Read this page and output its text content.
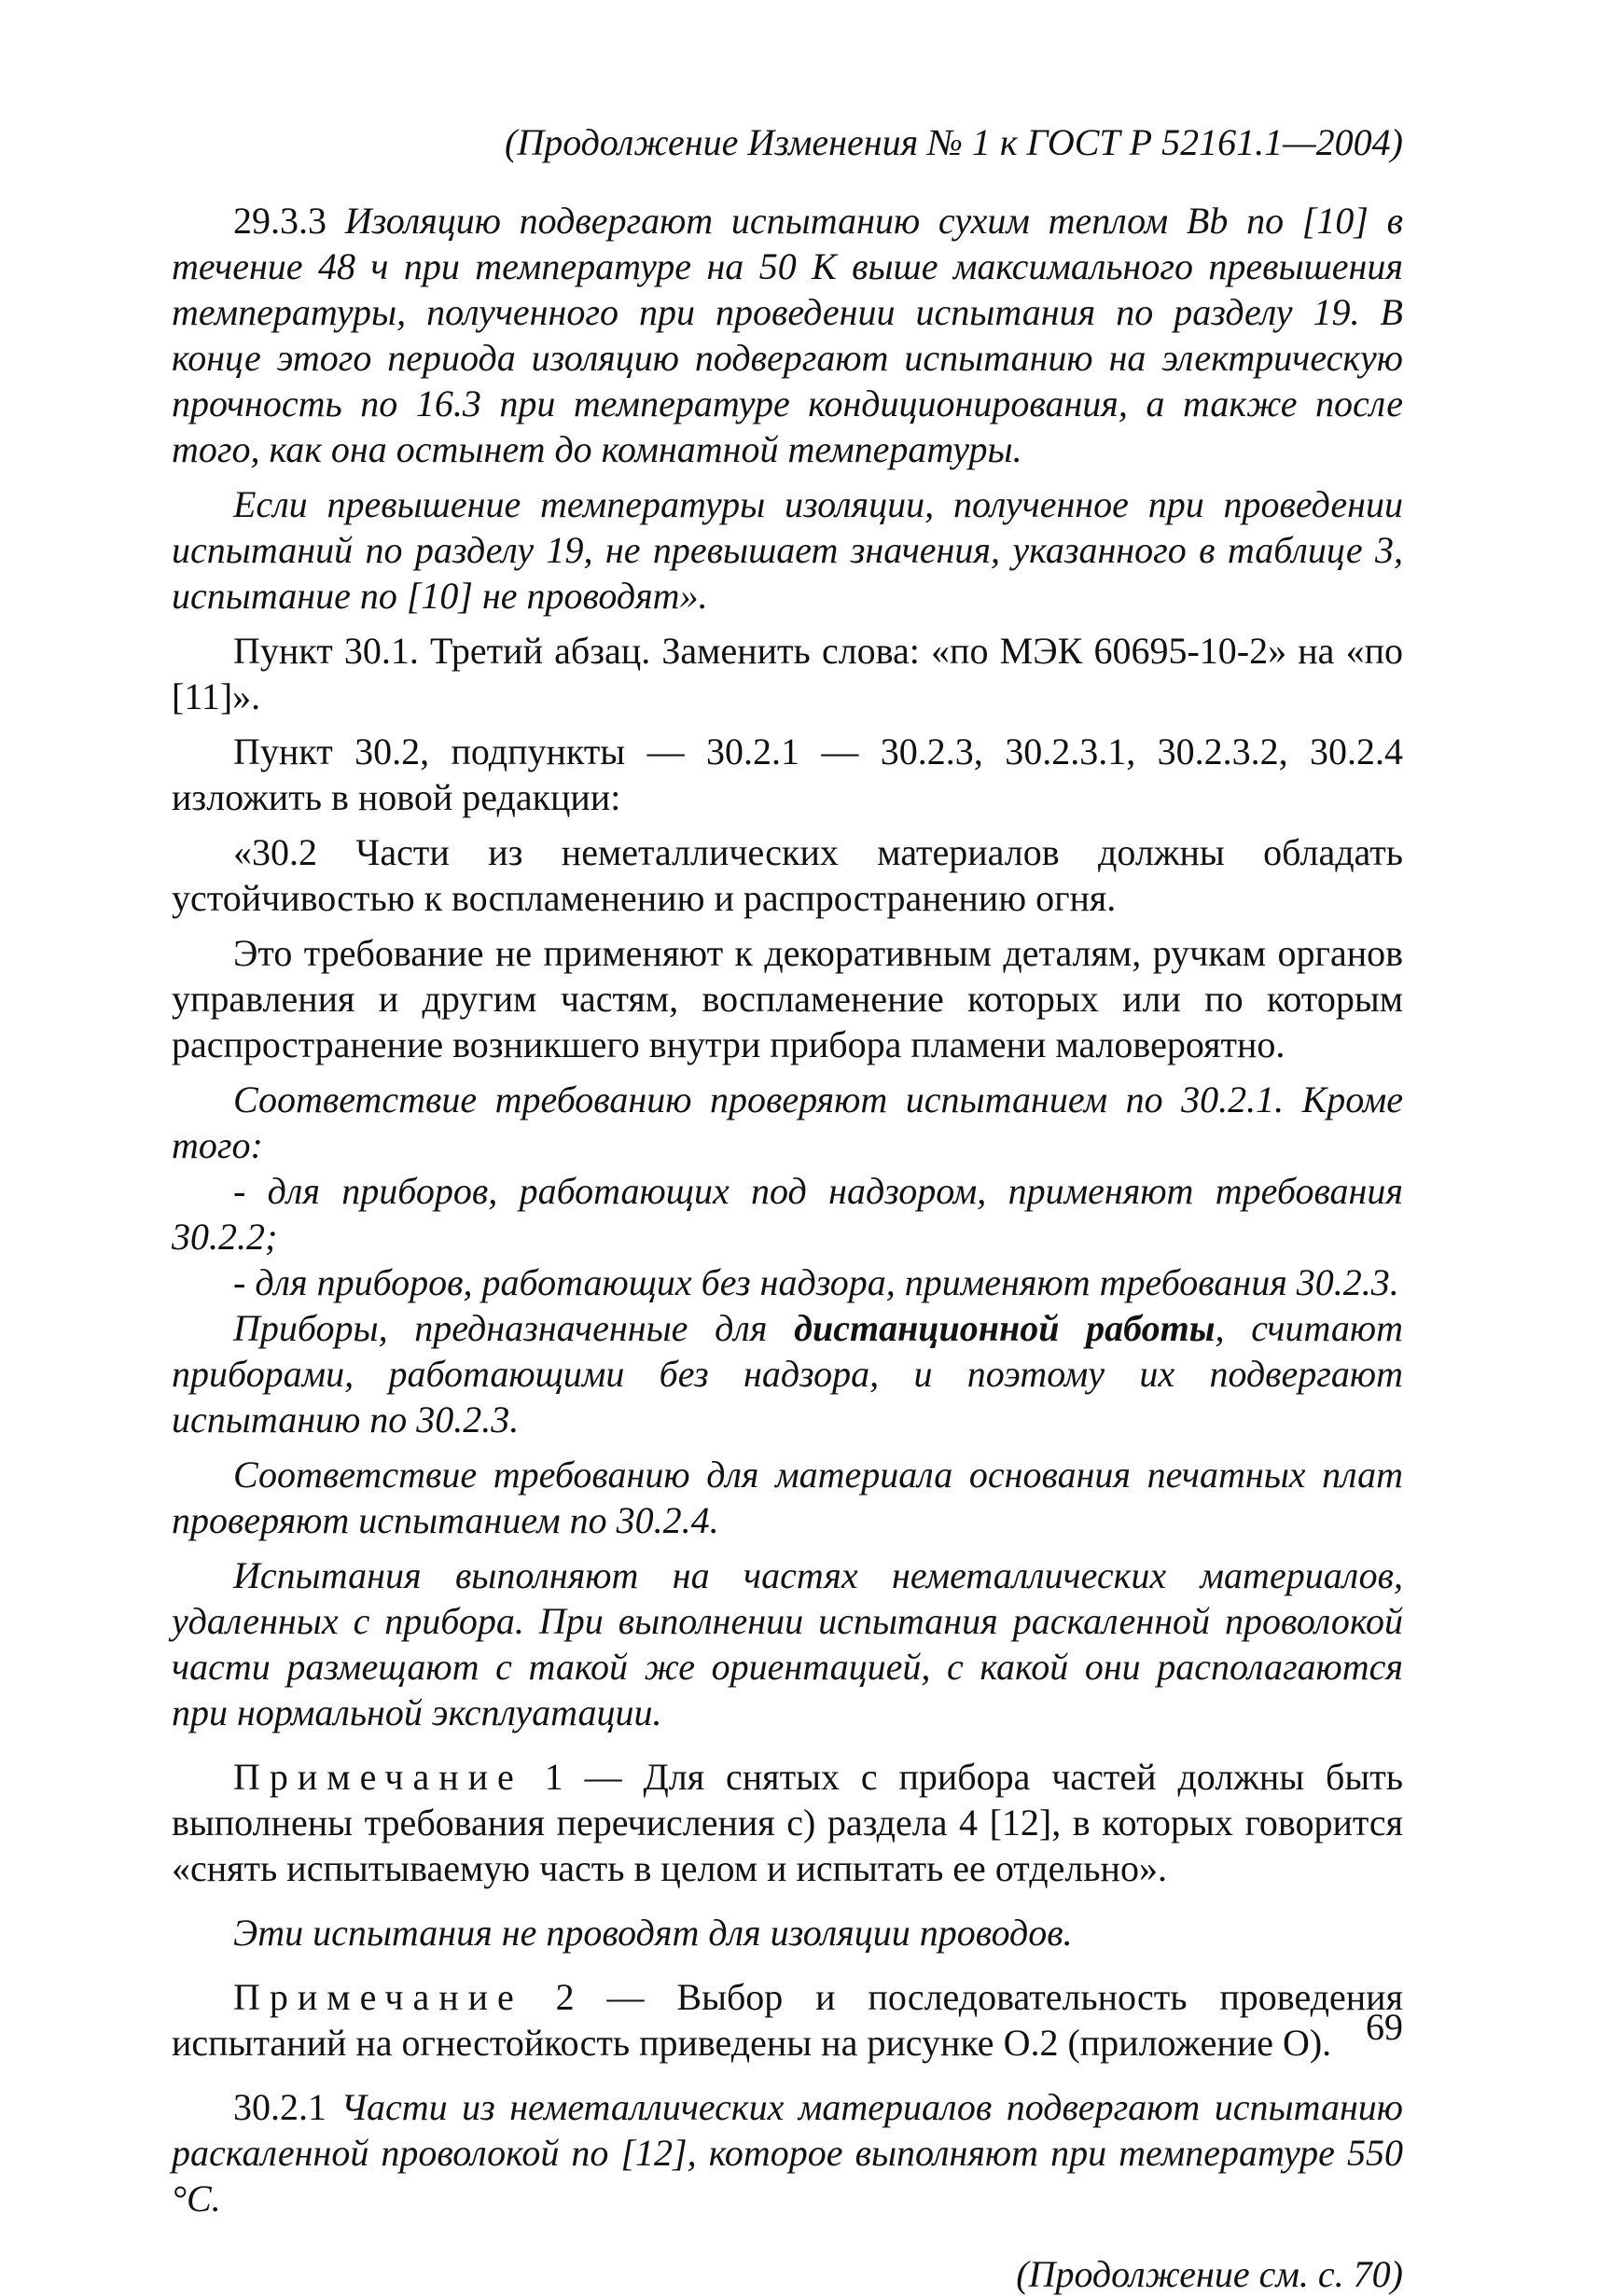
(Продолжение Изменения № 1 к ГОСТ Р 52161.1—2004)

29.3.3 Изоляцию подвергают испытанию сухим теплом Bb по [10] в течение 48 ч при температуре на 50 К выше максимального превышения температуры, полученного при проведении испытания по разделу 19. В конце этого периода изоляцию подвергают испытанию на электрическую прочность по 16.3 при температуре кондиционирования, а также после того, как она остынет до комнатной температуры.

Если превышение температуры изоляции, полученное при проведении испытаний по разделу 19, не превышает значения, указанного в таблице 3, испытание по [10] не проводят».

Пункт 30.1. Третий абзац. Заменить слова: «по МЭК 60695-10-2» на «по [11]».

Пункт 30.2, подпункты — 30.2.1 — 30.2.3, 30.2.3.1, 30.2.3.2, 30.2.4 изложить в новой редакции:

«30.2 Части из неметаллических материалов должны обладать устойчивостью к воспламенению и распространению огня.

Это требование не применяют к декоративным деталям, ручкам органов управления и другим частям, воспламенение которых или по которым распространение возникшего внутри прибора пламени маловероятно.

Соответствие требованию проверяют испытанием по 30.2.1. Кроме того:

- для приборов, работающих под надзором, применяют требования 30.2.2;

- для приборов, работающих без надзора, применяют требования 30.2.3.

Приборы, предназначенные для дистанционной работы, считают приборами, работающими без надзора, и поэтому их подвергают испытанию по 30.2.3.

Соответствие требованию для материала основания печатных плат проверяют испытанием по 30.2.4.

Испытания выполняют на частях неметаллических материалов, удаленных с прибора. При выполнении испытания раскаленной проволокой части размещают с такой же ориентацией, с какой они располагаются при нормальной эксплуатации.

Примечание 1 — Для снятых с прибора частей должны быть выполнены требования перечисления с) раздела 4 [12], в которых говорится «снять испытываемую часть в целом и испытать ее отдельно».

Эти испытания не проводят для изоляции проводов.

Примечание 2 — Выбор и последовательность проведения испытаний на огнестойкость приведены на рисунке О.2 (приложение О).

30.2.1 Части из неметаллических материалов подвергают испытанию раскаленной проволокой по [12], которое выполняют при температуре 550 °С.

(Продолжение см. с. 70)
69
